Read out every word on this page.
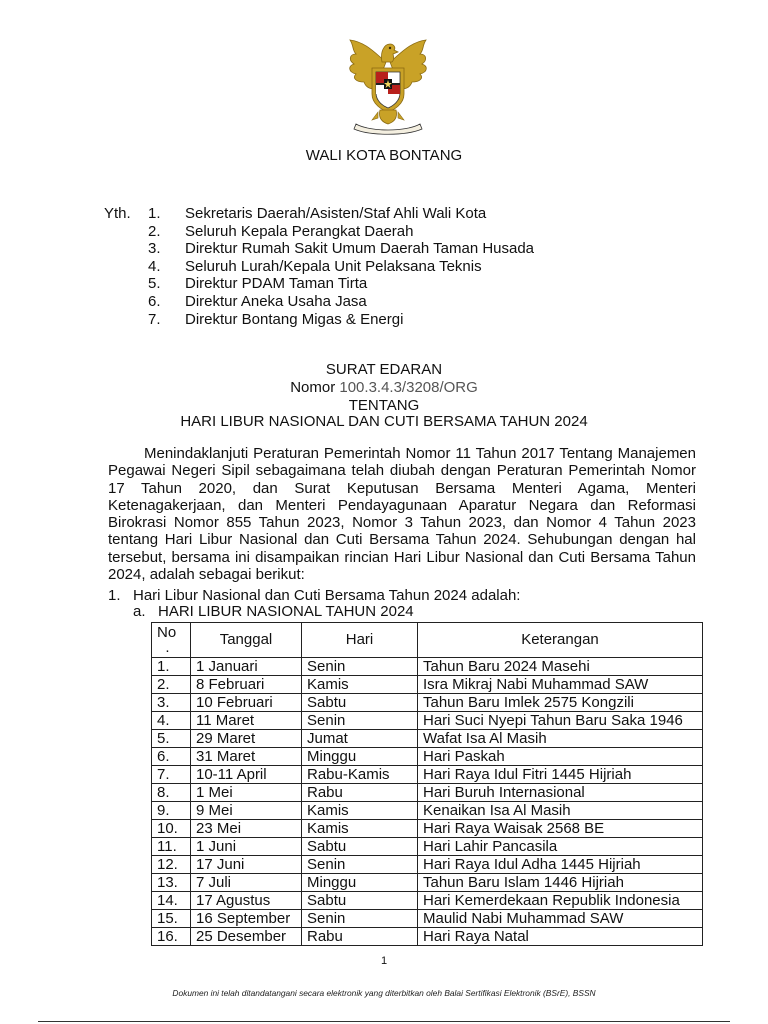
WALI KOTA BONTANG
Yth. 1. Sekretaris Daerah/Asisten/Staf Ahli Wali Kota
2. Seluruh Kepala Perangkat Daerah
3. Direktur Rumah Sakit Umum Daerah Taman Husada
4. Seluruh Lurah/Kepala Unit Pelaksana Teknis
5. Direktur PDAM Taman Tirta
6. Direktur Aneka Usaha Jasa
7. Direktur Bontang Migas & Energi
SURAT EDARAN
Nomor 100.3.4.3/3208/ORG
TENTANG
HARI LIBUR NASIONAL DAN CUTI BERSAMA TAHUN 2024

Menindaklanjuti Peraturan Pemerintah Nomor 11 Tahun 2017 Tentang Manajemen Pegawai Negeri Sipil sebagaimana telah diubah dengan Peraturan Pemerintah Nomor 17 Tahun 2020, dan Surat Keputusan Bersama Menteri Agama, Menteri Ketenagakerjaan, dan Menteri Pendayagunaan Aparatur Negara dan Reformasi Birokrasi Nomor 855 Tahun 2023, Nomor 3 Tahun 2023, dan Nomor 4 Tahun 2023 tentang Hari Libur Nasional dan Cuti Bersama Tahun 2024. Sehubungan dengan hal tersebut, bersama ini disampaikan rincian Hari Libur Nasional dan Cuti Bersama Tahun 2024, adalah sebagai berikut:

1. Hari Libur Nasional dan Cuti Bersama Tahun 2024 adalah:
a. HARI LIBUR NASIONAL TAHUN 2024
No
.	Tanggal	Hari	Keterangan
1.	1 Januari	Senin	Tahun Baru 2024 Masehi
2.	8 Februari	Kamis	Isra Mikraj Nabi Muhammad SAW
3.	10 Februari	Sabtu	Tahun Baru Imlek 2575 Kongzili
4.	11 Maret	Senin	Hari Suci Nyepi Tahun Baru Saka 1946
5.	29 Maret	Jumat	Wafat Isa Al Masih
6.	31 Maret	Minggu	Hari Paskah
7.	10-11 April	Rabu-Kamis	Hari Raya Idul Fitri 1445 Hijriah
8.	1 Mei	Rabu	Hari Buruh Internasional
9.	9 Mei	Kamis	Kenaikan Isa Al Masih
10.	23 Mei	Kamis	Hari Raya Waisak 2568 BE
11.	1 Juni	Sabtu	Hari Lahir Pancasila
12.	17 Juni	Senin	Hari Raya Idul Adha 1445 Hijriah
13.	7 Juli	Minggu	Tahun Baru Islam 1446 Hijriah
14.	17 Agustus	Sabtu	Hari Kemerdekaan Republik Indonesia
15.	16 September	Senin	Maulid Nabi Muhammad SAW
16.	25 Desember	Rabu	Hari Raya Natal
1
Dokumen ini telah ditandatangani secara elektronik yang diterbitkan oleh Balai Sertifikasi Elektronik (BSrE), BSSN
